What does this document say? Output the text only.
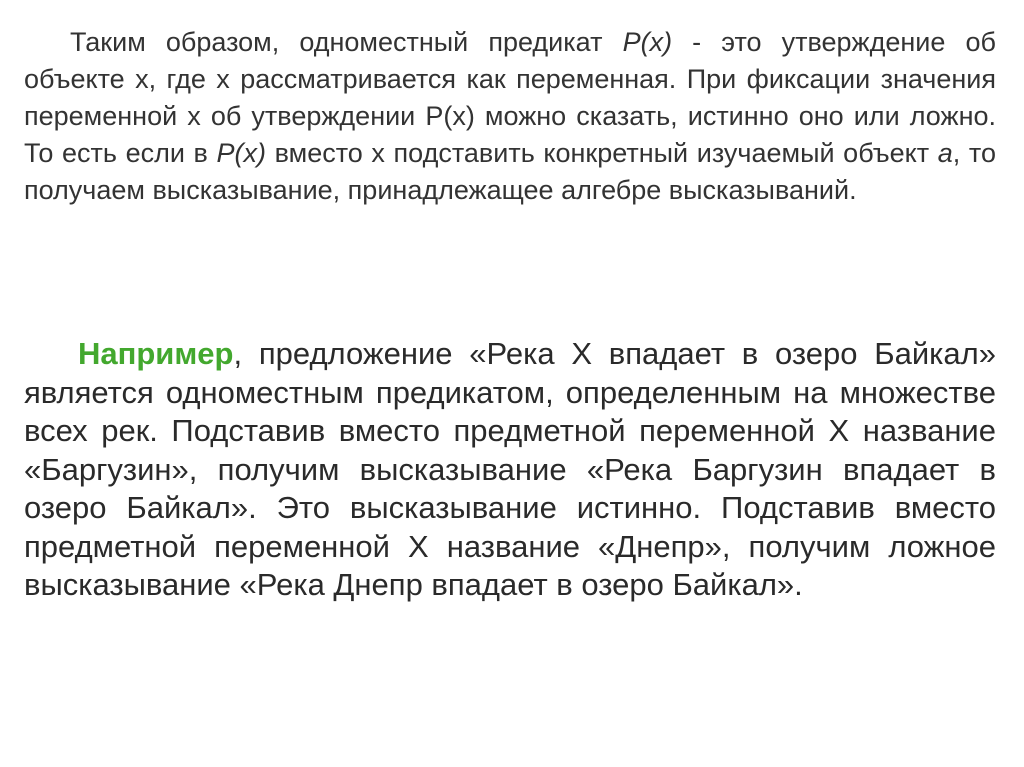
Таким образом, одноместный предикат P(x) - это утверждение об объекте x, где x рассматривается как переменная. При фиксации значения переменной x об утверждении P(x) можно сказать, истинно оно или ложно. То есть если в P(x) вместо x подставить конкретный изучаемый объект a, то получаем высказывание, принадлежащее алгебре высказываний.

Например, предложение «Река X впадает в озеро Байкал» является одноместным предикатом, определенным на множестве всех рек. Подставив вместо предметной переменной X название «Баргузин», получим высказывание «Река Баргузин впадает в озеро Байкал». Это высказывание истинно. Подставив вместо предметной переменной X название «Днепр», получим ложное высказывание «Река Днепр впадает в озеро Байкал».
